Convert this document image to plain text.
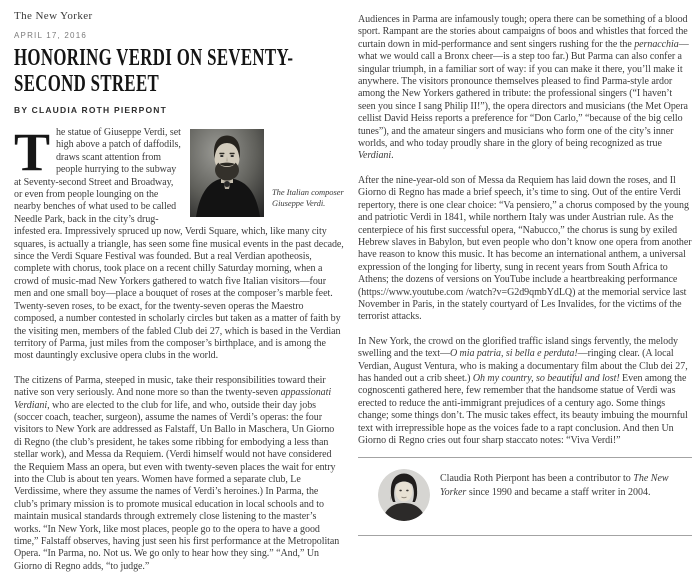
The New Yorker
APRIL 17, 2016
HONORING VERDI ON SEVENTY-SECOND STREET
BY CLAUDIA ROTH PIERPONT

T
The Italian composer
Giuseppe Verdi.
he statue of Giuseppe Verdi, set high above a patch of daffodils, draws scant attention from people hurrying to the subway at Seventy-second Street and Broadway, or even from people lounging on the nearby benches of what used to be called Needle Park, back in the city’s drug-infested era. Impressively spruced up now, Verdi Square, which, like many city squares, is actually a triangle, has seen some fine musical events in the past decade, since the Verdi Square Festival was founded. But a real Verdian apotheosis, complete with chorus, took place on a recent chilly Saturday morning, when a crowd of music-mad New Yorkers gathered to watch five Italian visitors—four men and one small boy—place a bouquet of roses at the composer’s marble feet. Twenty-seven roses, to be exact, for the twenty-seven operas the Maestro composed, a number contested in scholarly circles but taken as a matter of faith by the visiting men, members of the fabled Club dei 27, which is based in the Verdian territory of Parma, just miles from the composer’s birthplace, and is among the most dauntingly exclusive opera clubs in the world.

The citizens of Parma, steeped in music, take their responsibilities toward their native son very seriously. And none more so than the twenty-seven appassionati Verdiani, who are elected to the club for life, and who, outside their day jobs (soccer coach, teacher, surgeon), assume the names of Verdi’s operas: the four visitors to New York are addressed as Falstaff, Un Ballo in Maschera, Un Giorno di Regno (the club’s president, he takes some ribbing for embodying a less than stellar work), and Messa da Requiem. (Verdi himself would not have considered the Requiem Mass an opera, but even with twenty-seven places the wait for entry into the Club is about ten years. Women have formed a separate club, Le Verdissime, where they assume the names of Verdi’s heroines.) In Parma, the club’s primary mission is to promote musical education in local schools and to maintain musical standards through extremely close listening to the master’s works. “In New York, like most places, people go to the opera to have a good time,” Falstaff observes, having just seen his first performance at the Metropolitan Opera. “In Parma, no. Not us. We go only to hear how they sing.” “And,” Un Giorno di Regno adds, “to judge.”

Audiences in Parma are infamously tough; opera there can be something of a blood sport. Rampant are the stories about campaigns of boos and whistles that forced the curtain down in mid-performance and sent singers rushing for the the pernacchia—what we would call a Bronx cheer—is a step too far.) But Parma can also confer a singular triumph, in a familiar sort of way: if you can make it there, you’ll make it anywhere. The visitors pronounce themselves pleased to find Parma-style ardor among the New Yorkers gathered in tribute: the professional singers (“I haven’t seen you since I sang Philip II!”), the opera directors and musicians (the Met Opera cellist David Heiss reports a preference for “Don Carlo,” “because of the big cello tunes”), and the amateur singers and musicians who form one of the city’s inner worlds, and who today proudly share in the glory of being recognized as true Verdiani.

After the nine-year-old son of Messa da Requiem has laid down the roses, and Il Giorno di Regno has made a brief speech, it’s time to sing. Out of the entire Verdi repertory, there is one clear choice: “Va pensiero,” a chorus composed by the young and patriotic Verdi in 1841, while northern Italy was under Austrian rule. As the centerpiece of his first successful opera, “Nabucco,” the chorus is sung by exiled Hebrew slaves in Babylon, but even people who don’t know one opera from another have reason to know this music. It has become an international anthem, a universal expression of the longing for liberty, sung in recent years from South Africa to Athens; the dozens of versions on YouTube include a heartbreaking performance (https://www.youtube.com /watch?v=G2d9qmbYdLQ) at the memorial service last November in Paris, in the stately courtyard of Les Invalides, for the victims of the terrorist attacks.

In New York, the crowd on the glorified traffic island sings fervently, the melody swelling and the text—O mia patria, si bella e perduta!—ringing clear. (A local Verdian, August Ventura, who is making a documentary film about the Club dei 27, has handed out a crib sheet.) Oh my country, so beautiful and lost! Even among the cognoscenti gathered here, few remember that the handsome statue of Verdi was erected to reduce the anti-immigrant prejudices of a century ago. Some things change; some things don’t. The music takes effect, its beauty imbuing the mournful text with irrepressible hope as the voices fade to a rapt conclusion. And then Un Giorno di Regno cries out four sharp staccato notes: “Viva Verdi!”

Claudia Roth Pierpont has been a contributor to The New Yorker since 1990 and became a staff writer in 2004.
